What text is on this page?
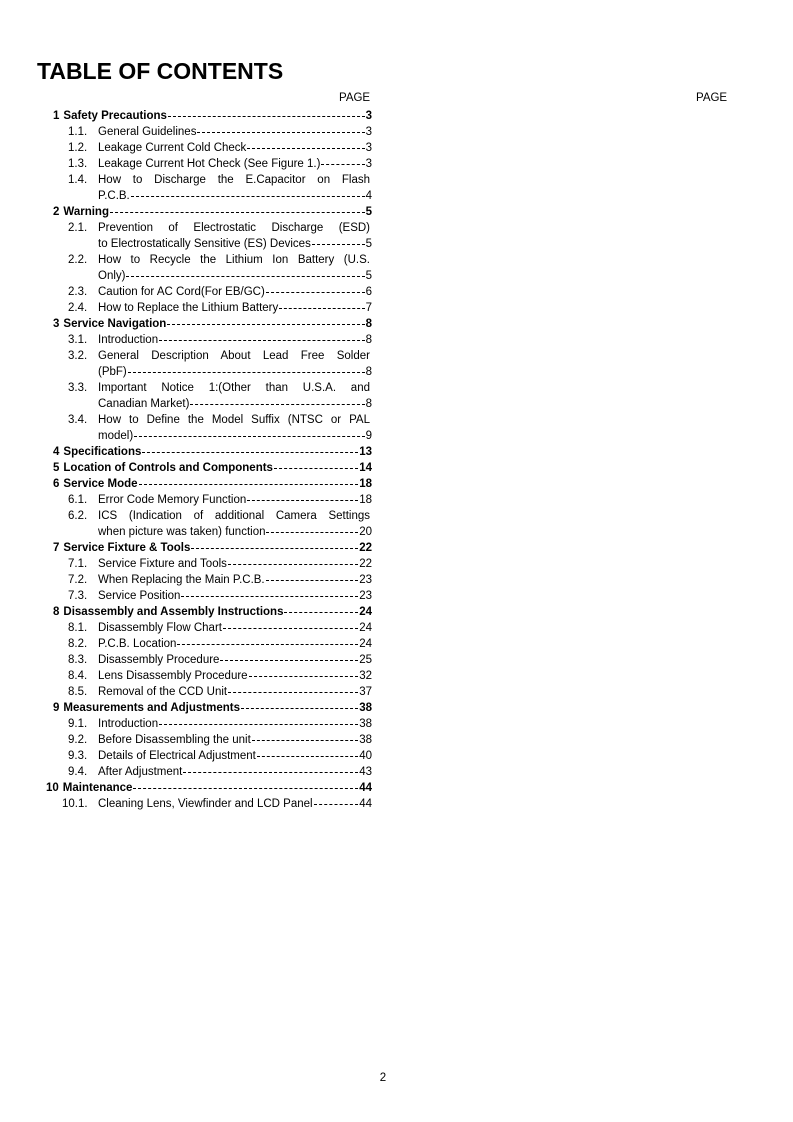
TABLE OF CONTENTS
PAGE	PAGE
1 Safety Precautions	3
1.1. General Guidelines	3
1.2. Leakage Current Cold Check	3
1.3. Leakage Current Hot Check (See Figure 1.)	3
1.4. How to Discharge the E.Capacitor on Flash
P.C.B.	4
2 Warning	5
2.1. Prevention of Electrostatic Discharge (ESD)
to Electrostatically Sensitive (ES) Devices	5
2.2. How to Recycle the Lithium Ion Battery (U.S.
Only)	5
2.3. Caution for AC Cord(For EB/GC)	6
2.4. How to Replace the Lithium Battery	7
3 Service Navigation	8
3.1. Introduction	8
3.2. General Description About Lead Free Solder
(PbF)	8
3.3. Important Notice 1:(Other than U.S.A. and
Canadian Market)	8
3.4. How to Define the Model Suffix (NTSC or PAL
model)	9
4 Specifications	13
5 Location of Controls and Components	14
6 Service Mode	18
6.1. Error Code Memory Function	18
6.2. ICS (Indication of additional Camera Settings
when picture was taken) function	20
7 Service Fixture & Tools	22
7.1. Service Fixture and Tools	22
7.2. When Replacing the Main P.C.B.	23
7.3. Service Position	23
8 Disassembly and Assembly Instructions	24
8.1. Disassembly Flow Chart	24
8.2. P.C.B. Location	24
8.3. Disassembly Procedure	25
8.4. Lens Disassembly Procedure	32
8.5. Removal of the CCD Unit	37
9 Measurements and Adjustments	38
9.1. Introduction	38
9.2. Before Disassembling the unit	38
9.3. Details of Electrical Adjustment	40
9.4. After Adjustment	43
10 Maintenance	44
10.1. Cleaning Lens, Viewfinder and LCD Panel	44
2
